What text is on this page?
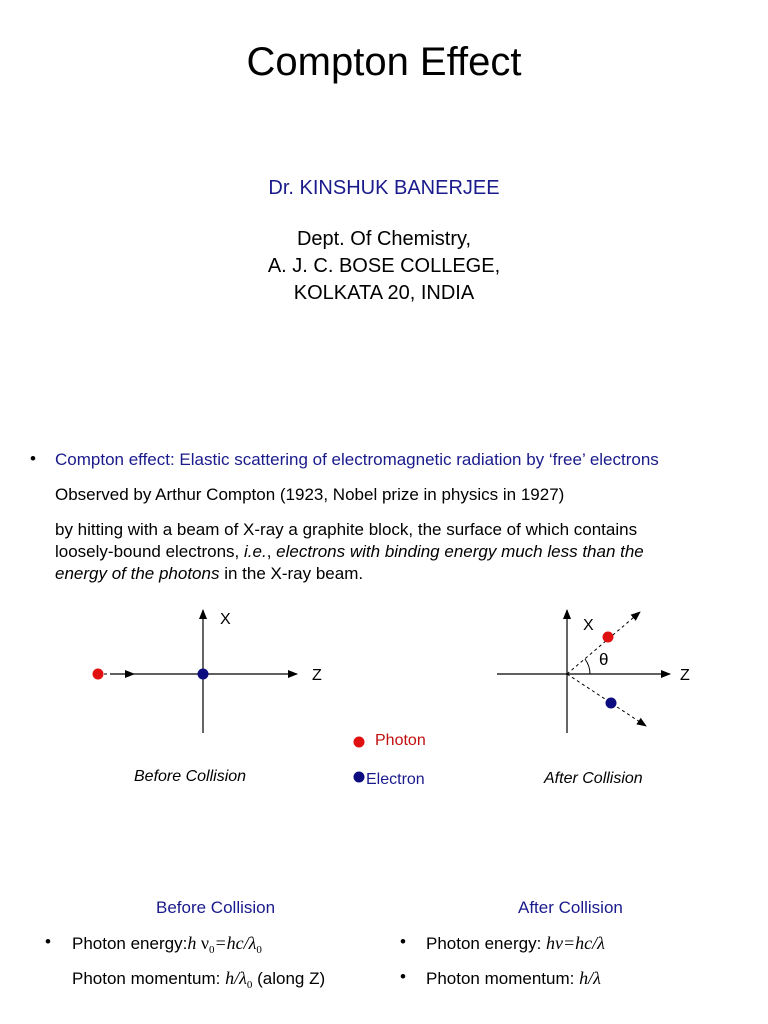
Compton Effect
Dr. KINSHUK BANERJEE
Dept. Of Chemistry,
A. J. C. BOSE COLLEGE,
KOLKATA 20, INDIA
• Compton effect: Elastic scattering of electromagnetic radiation by ‘free’ electrons
Observed by Arthur Compton (1923, Nobel prize in physics in 1927)
by hitting with a beam of X-ray a graphite block, the surface of which contains
loosely-bound electrons, i.e., electrons with binding energy much less than the
energy of the photons in the X-ray beam.
X
Z
X
Z
θ
Before Collision	After Collision
Photon
Electron
Before Collision
• Photon energy:h $\nu_0=hc/\lambda_0$
Photon momentum: $h/\lambda_0$ (along Z)
After Collision
• Photon energy: hν=hc/λ
• Photon momentum: h/λ
